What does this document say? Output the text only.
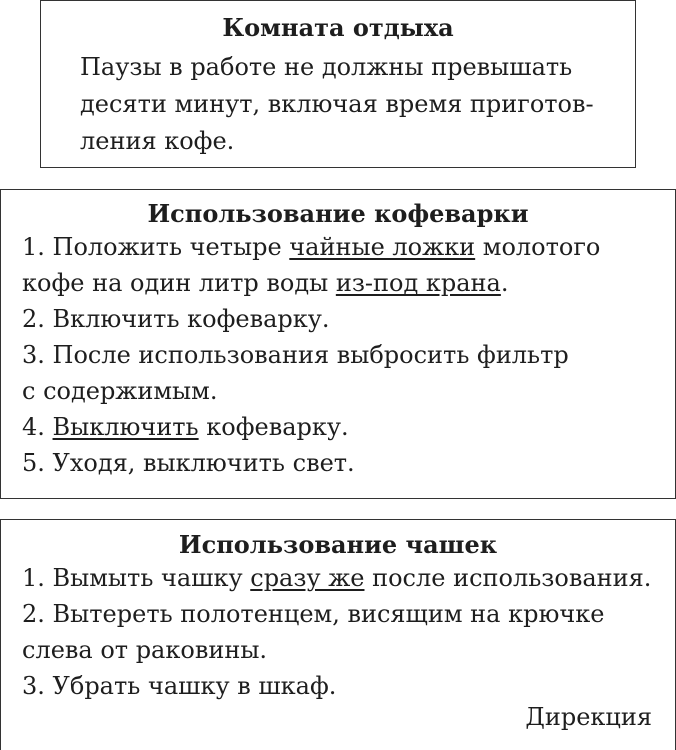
Комната отдыха

Паузы в работе не должны превышать

десяти минут, включая время приготов-

ления кофе.

Использование кофеварки

1. Положить четыре чайные ложки молотого

кофе на один литр воды из-под крана.

2. Включить кофеварку.

3. После использования выбросить фильтр

с содержимым.

4. Выключить кофеварку.

5. Уходя, выключить свет.

Использование чашек

1. Вымыть чашку сразу же после использования.

2. Вытереть полотенцем, висящим на крючке

слева от раковины.

3. Убрать чашку в шкаф.

Дирекция
